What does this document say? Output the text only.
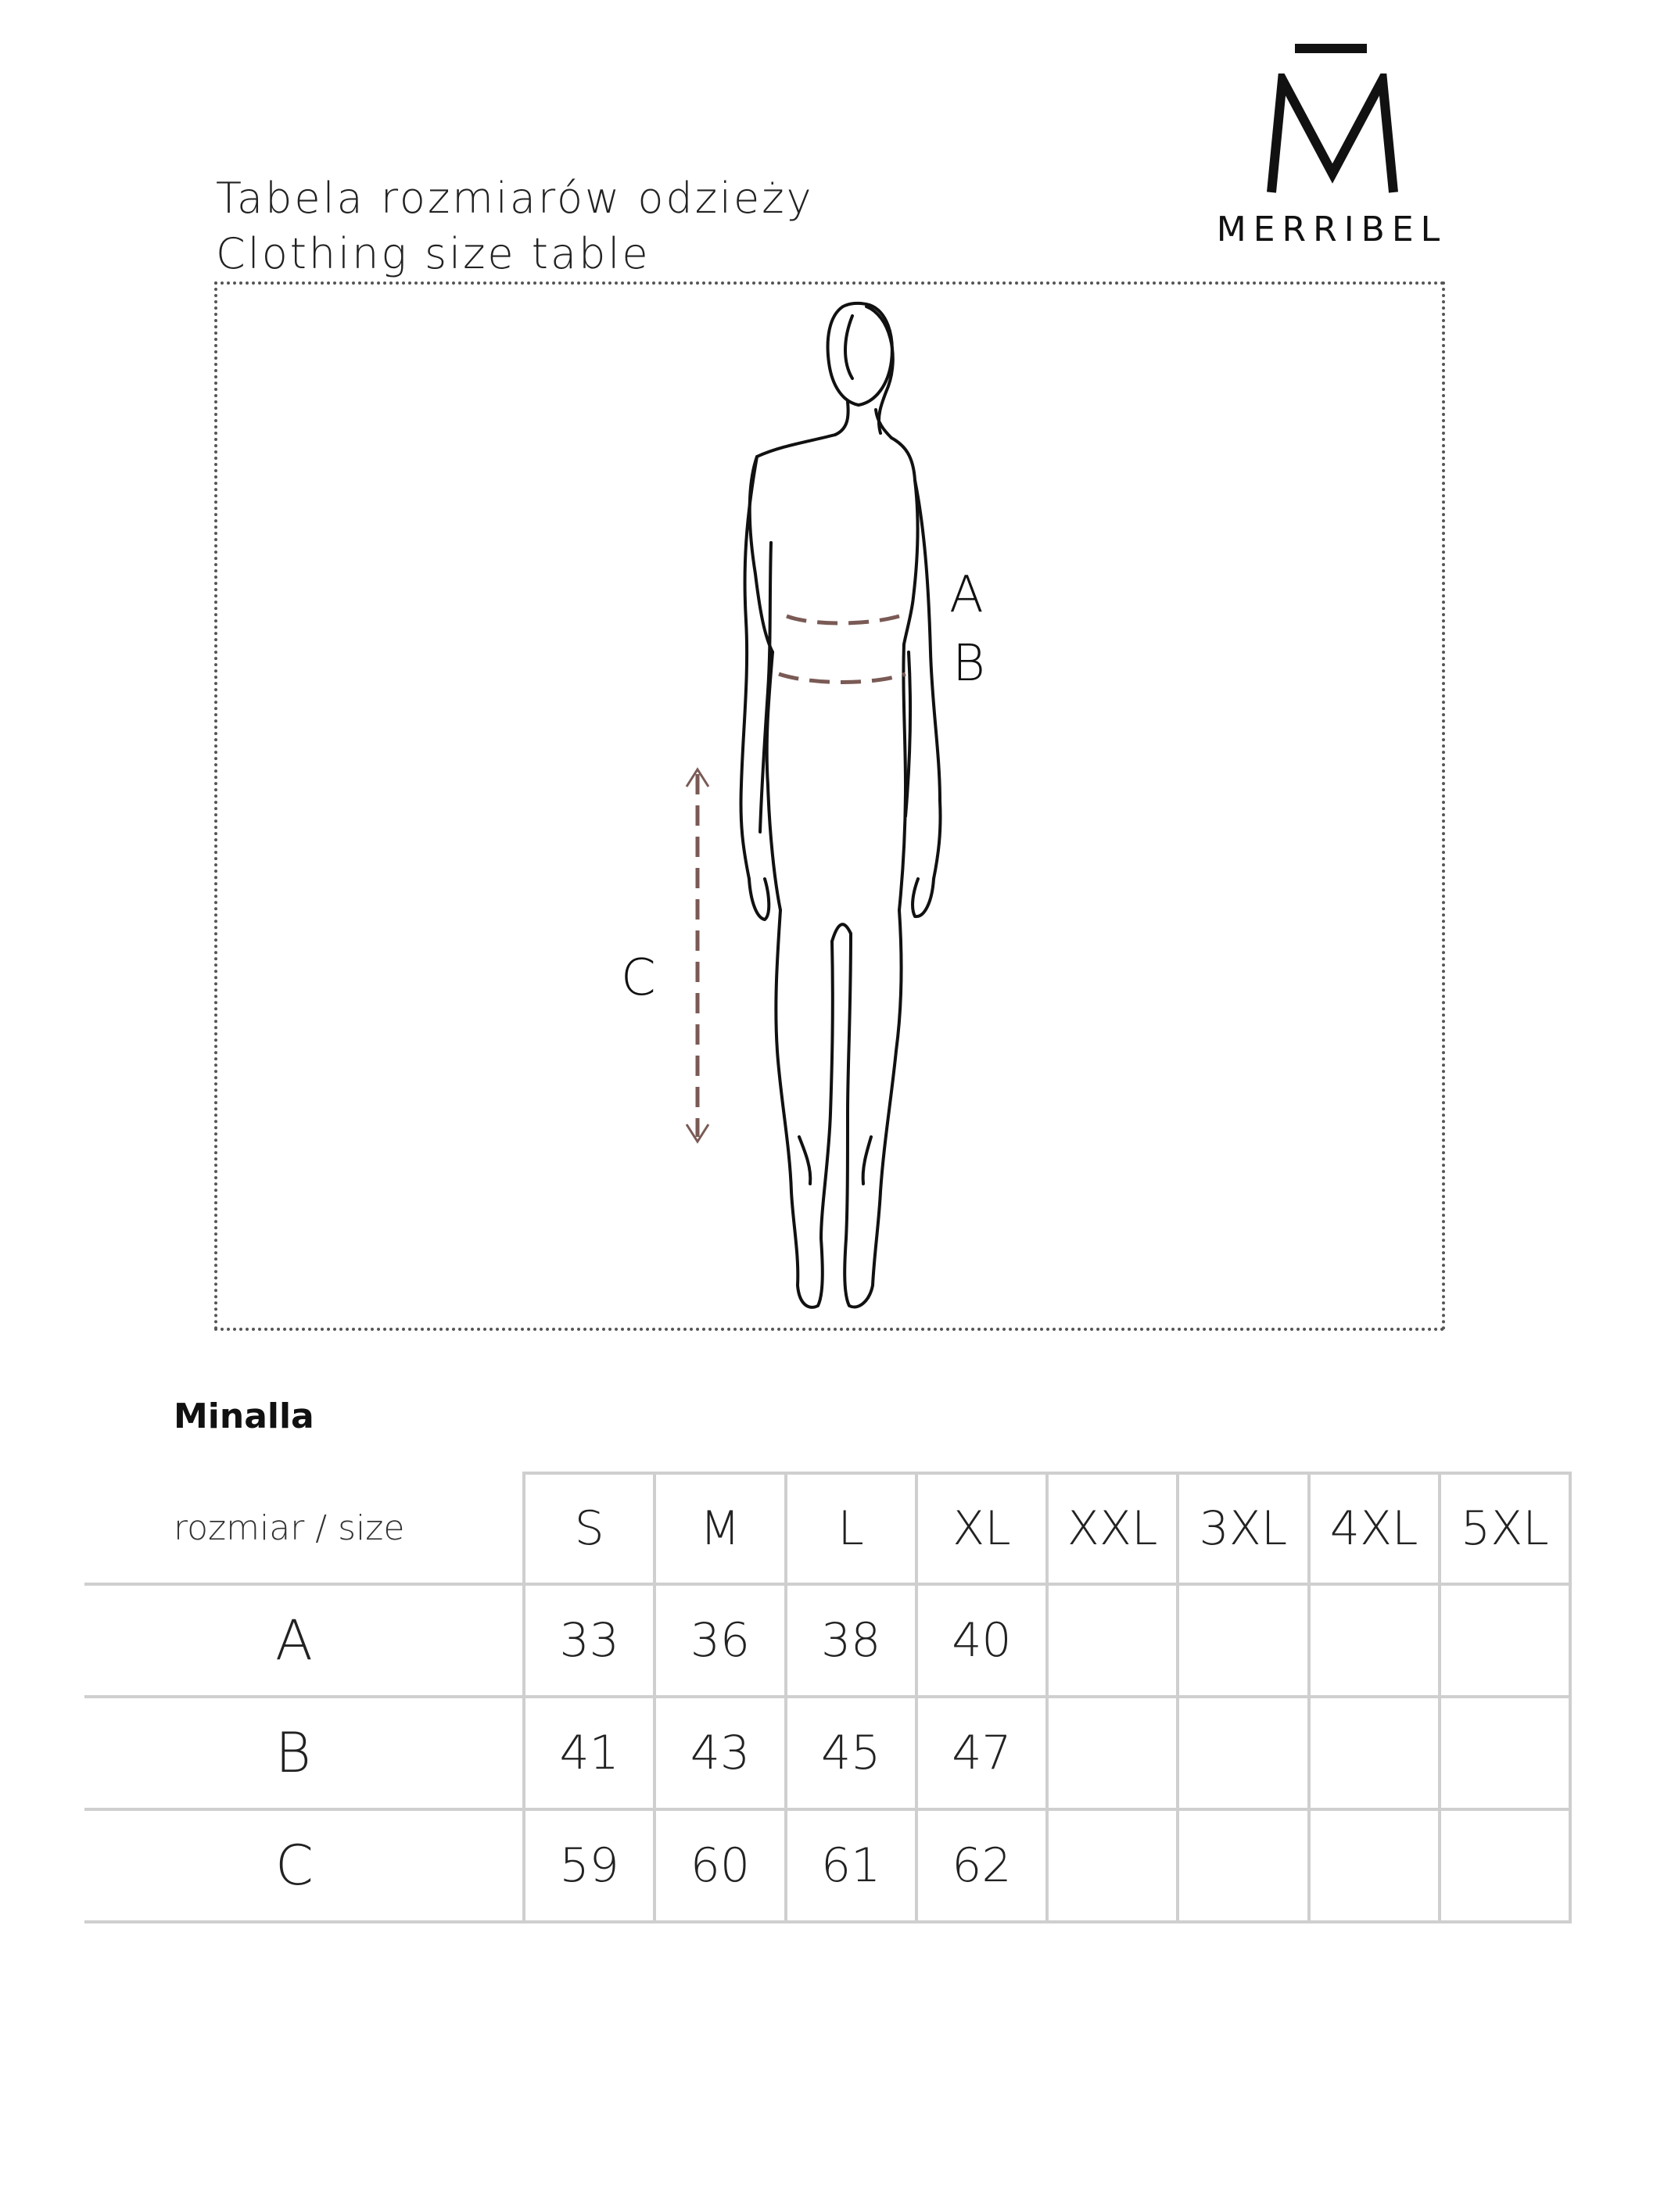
Tabela rozmiarów odzieży
Clothing size table	MERRIBEL
A
B
C
Minalla
rozmiar / size	S	M	L	XL	XXL	3XL	4XL	5XL
A	33	36	38	40				
B	41	43	45	47				
C	59	60	61	62				
